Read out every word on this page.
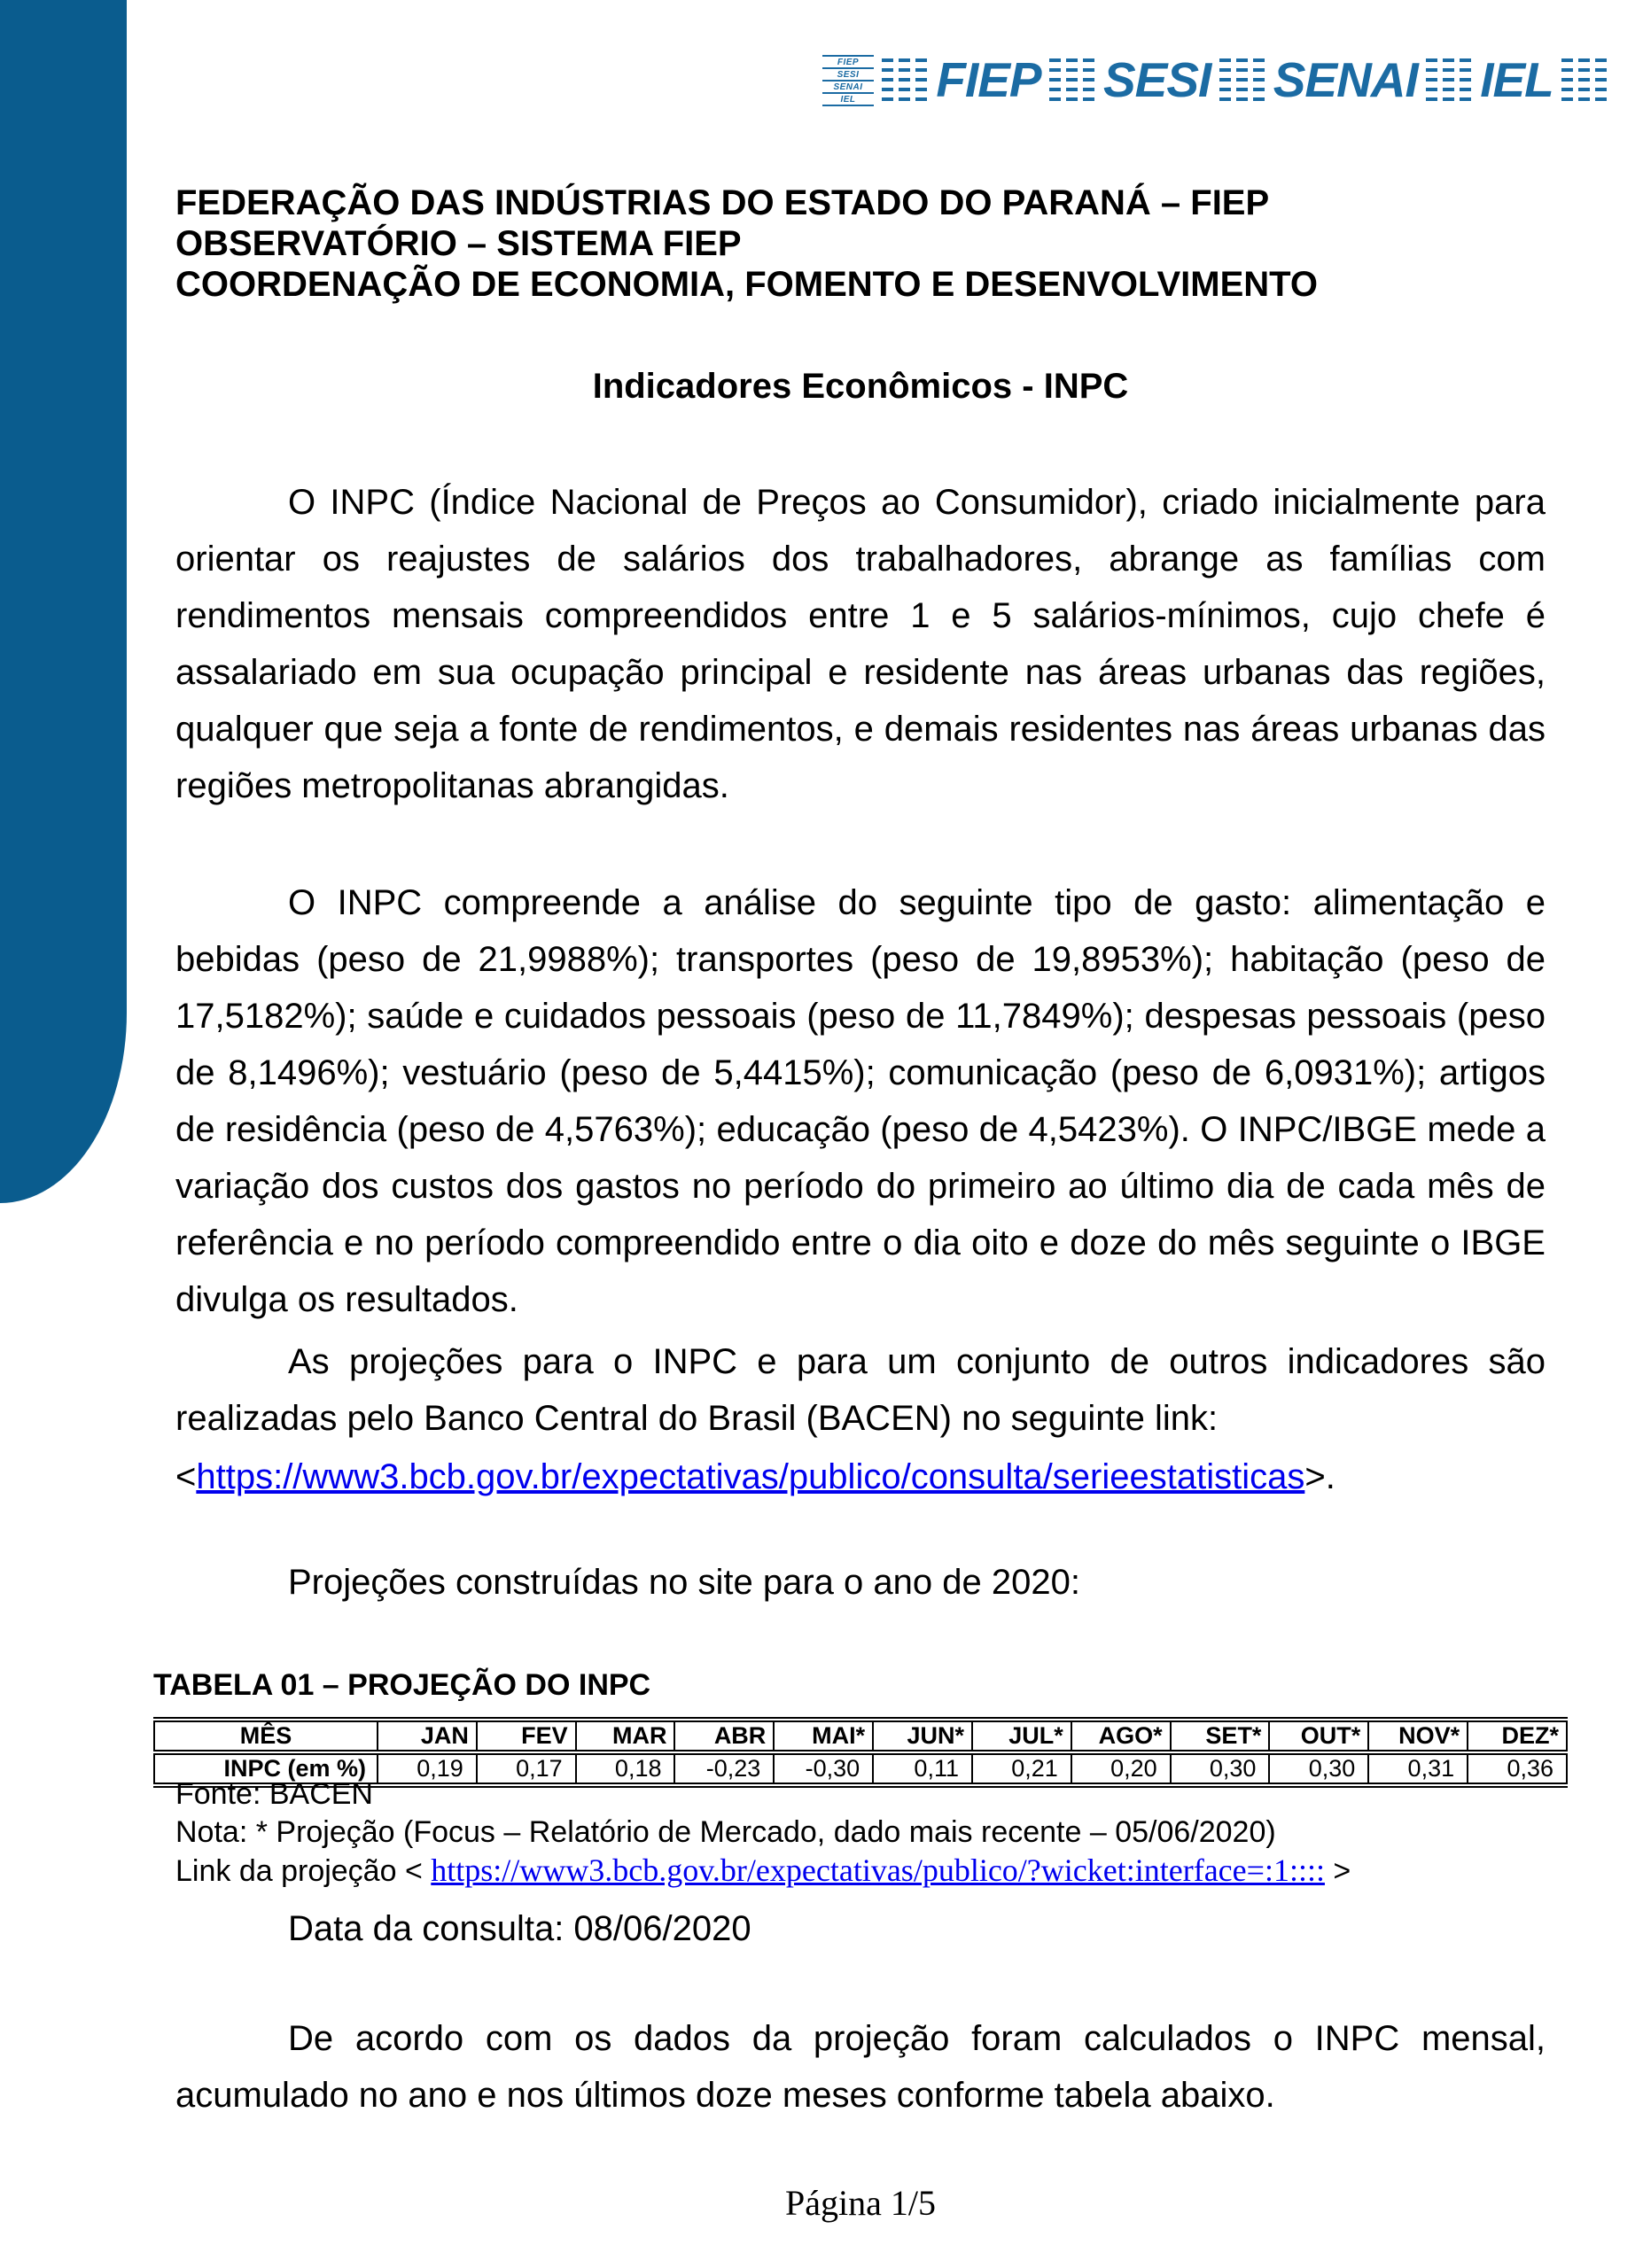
FIEP
SESI
SENAI
IEL	FIEP SESI SENAI IEL
FEDERAÇÃO DAS INDÚSTRIAS DO ESTADO DO PARANÁ – FIEP
OBSERVATÓRIO – SISTEMA FIEP
COORDENAÇÃO DE ECONOMIA, FOMENTO E DESENVOLVIMENTO
Indicadores Econômicos - INPC
O INPC (Índice Nacional de Preços ao Consumidor), criado inicialmente para orientar os reajustes de salários dos trabalhadores, abrange as famílias com rendimentos mensais compreendidos entre 1 e 5 salários-mínimos, cujo chefe é assalariado em sua ocupação principal e residente nas áreas urbanas das regiões, qualquer que seja a fonte de rendimentos, e demais residentes nas áreas urbanas das regiões metropolitanas abrangidas.
O INPC compreende a análise do seguinte tipo de gasto: alimentação e bebidas (peso de 21,9988%); transportes (peso de 19,8953%); habitação (peso de 17,5182%); saúde e cuidados pessoais (peso de 11,7849%); despesas pessoais (peso de 8,1496%); vestuário (peso de 5,4415%); comunicação (peso de 6,0931%); artigos de residência (peso de 4,5763%); educação (peso de 4,5423%). O INPC/IBGE mede a variação dos custos dos gastos no período do primeiro ao último dia de cada mês de referência e no período compreendido entre o dia oito e doze do mês seguinte o IBGE divulga os resultados.
As projeções para o INPC e para um conjunto de outros indicadores são realizadas pelo Banco Central do Brasil (BACEN) no seguinte link:
<https://www3.bcb.gov.br/expectativas/publico/consulta/serieestatisticas>.
Projeções construídas no site para o ano de 2020:
TABELA 01 – PROJEÇÃO DO INPC
MÊS	JAN	FEV	MAR	ABR	MAI*	JUN*	JUL*	AGO*	SET*	OUT*	NOV*	DEZ*
INPC (em %)	0,19	0,17	0,18	-0,23	-0,30	0,11	0,21	0,20	0,30	0,30	0,31	0,36
Fonte: BACEN
Nota: * Projeção (Focus – Relatório de Mercado, dado mais recente – 05/06/2020)
Link da projeção < https://www3.bcb.gov.br/expectativas/publico/?wicket:interface=:1:::: >
Data da consulta: 08/06/2020
De acordo com os dados da projeção foram calculados o INPC mensal, acumulado no ano e nos últimos doze meses conforme tabela abaixo.
Página 1/5
